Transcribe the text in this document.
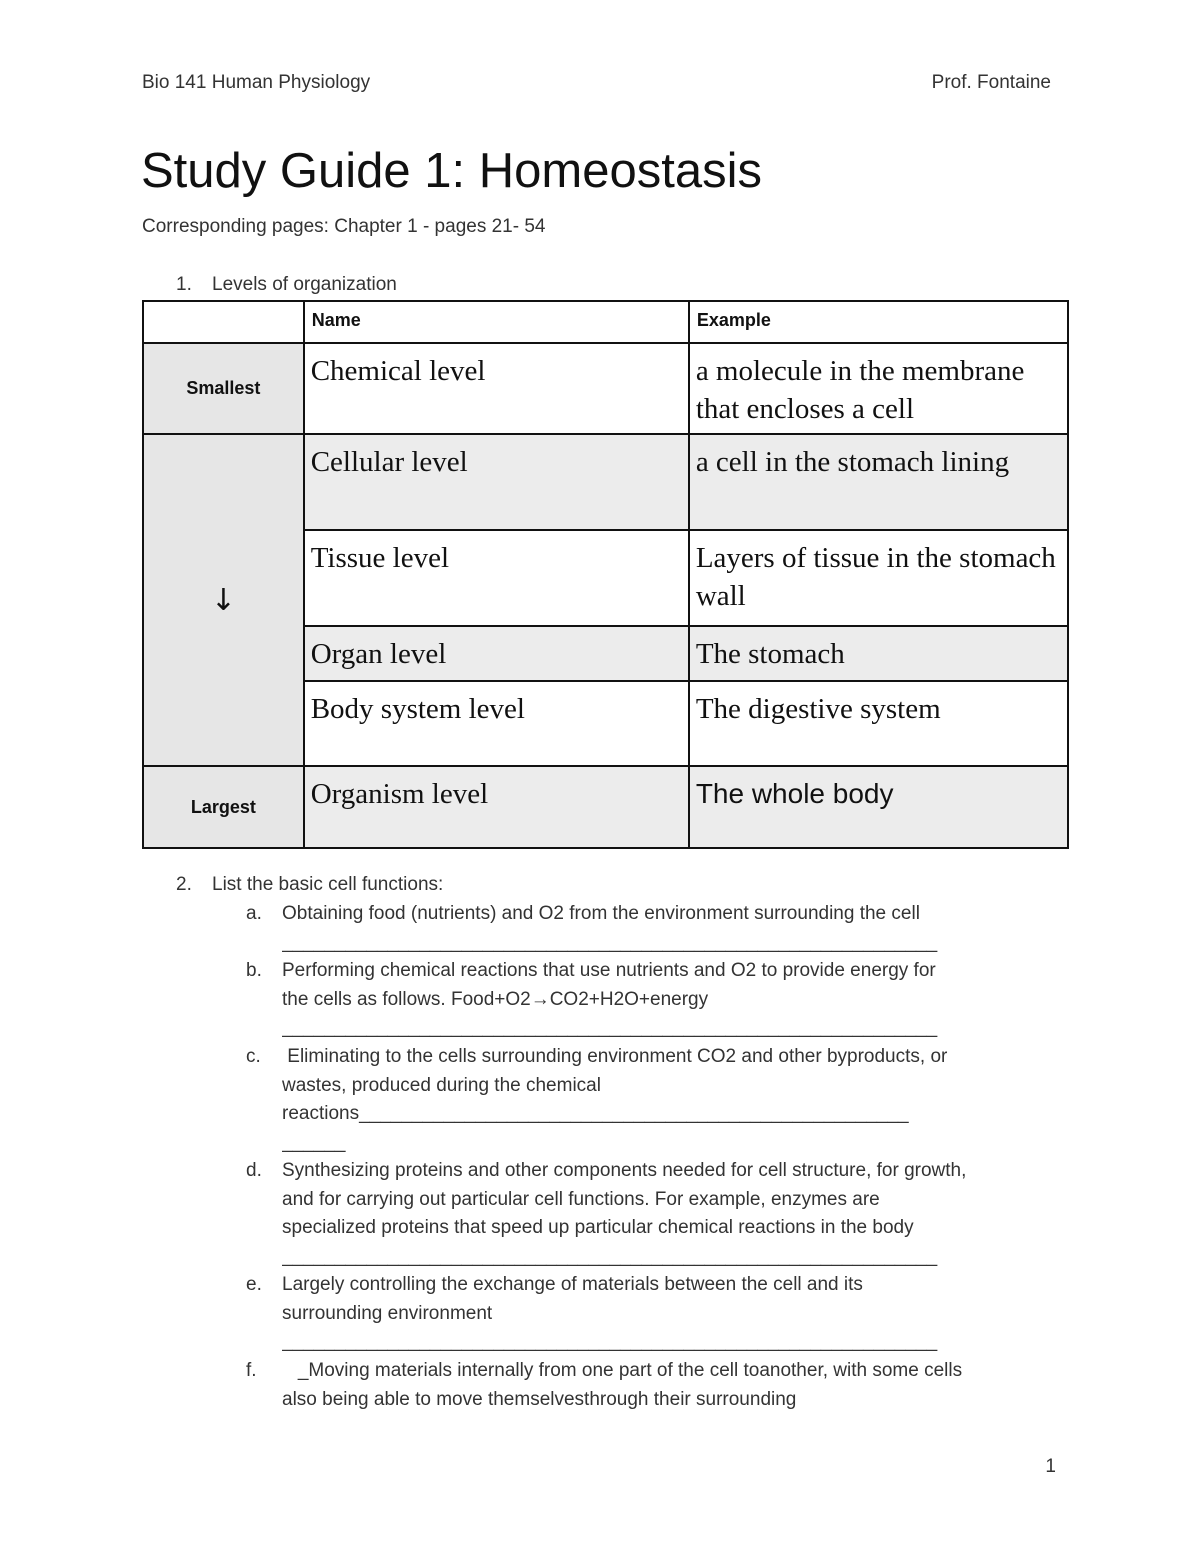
Bio 141 Human Physiology	Prof. Fontaine
Study Guide 1: Homeostasis
Corresponding pages: Chapter 1 - pages 21- 54
1. Levels of organization
	Name	Example
Smallest	Chemical level	a molecule in the membrane that encloses a cell
↓	Cellular level	a cell in the stomach lining
	Tissue level	Layers of tissue in the stomach wall
	Organ level	The stomach
	Body system level	The digestive system
Largest	Organism level	The whole body
2. List the basic cell functions:
a. Obtaining food (nutrients) and O2 from the environment surrounding the cell
______________________________________________________________
b. Performing chemical reactions that use nutrients and O2 to provide energy for
the cells as follows. Food+O2→CO2+H2O+energy
______________________________________________________________
c. Eliminating to the cells surrounding environment CO2 and other byproducts, or
wastes, produced during the chemical
reactions____________________________________________________
______
d. Synthesizing proteins and other components needed for cell structure, for growth,
and for carrying out particular cell functions. For example, enzymes are
specialized proteins that speed up particular chemical reactions in the body
______________________________________________________________
e. Largely controlling the exchange of materials between the cell and its
surrounding environment
______________________________________________________________
f. _Moving materials internally from one part of the cell toanother, with some cells
also being able to move themselvesthrough their surrounding
1
